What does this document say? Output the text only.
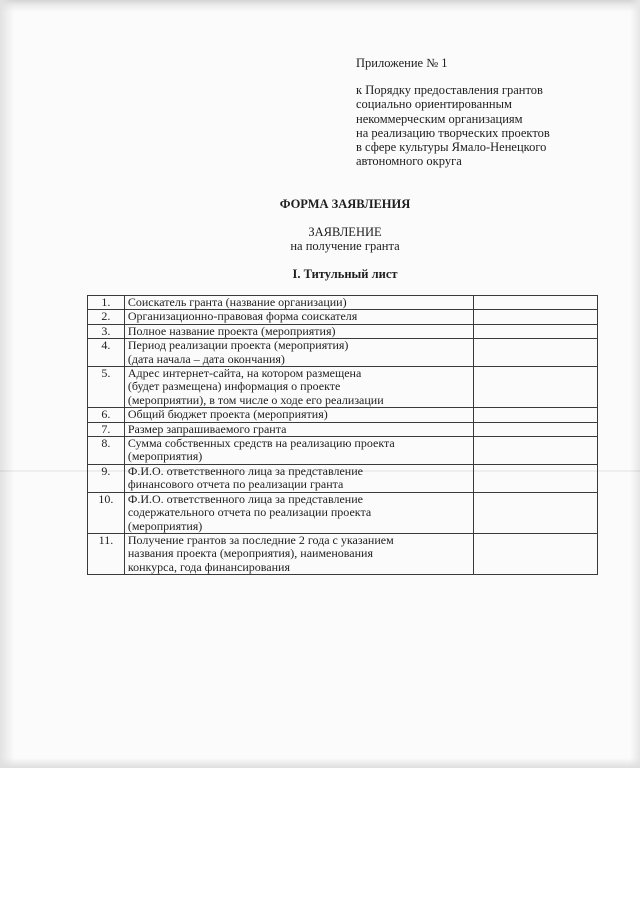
Приложение № 1
к Порядку предоставления грантов
социально ориентированным
некоммерческим организациям
на реализацию творческих проектов
в сфере культуры Ямало-Ненецкого
автономного округа
ФОРМА ЗАЯВЛЕНИЯ
ЗАЯВЛЕНИЕ
на получение гранта
I. Титульный лист
1.	Соискатель гранта (название организации)	

2.	Организационно-правовая форма соискателя	

3.	Полное название проекта (мероприятия)	

4.	Период реализации проекта (мероприятия)
(дата начала – дата окончания)	

5.	Адрес интернет-сайта, на котором размещена
(будет размещена) информация о проекте
(мероприятии), в том числе о ходе его реализации	

6.	Общий бюджет проекта (мероприятия)	

7.	Размер запрашиваемого гранта	

8.	Сумма собственных средств на реализацию проекта
(мероприятия)	

9.	Ф.И.О. ответственного лица за представление
финансового отчета по реализации гранта	

10.	Ф.И.О. ответственного лица за представление
содержательного отчета по реализации проекта
(мероприятия)	

11.	Получение грантов за последние 2 года с указанием
названия проекта (мероприятия), наименования
конкурса, года финансирования	
